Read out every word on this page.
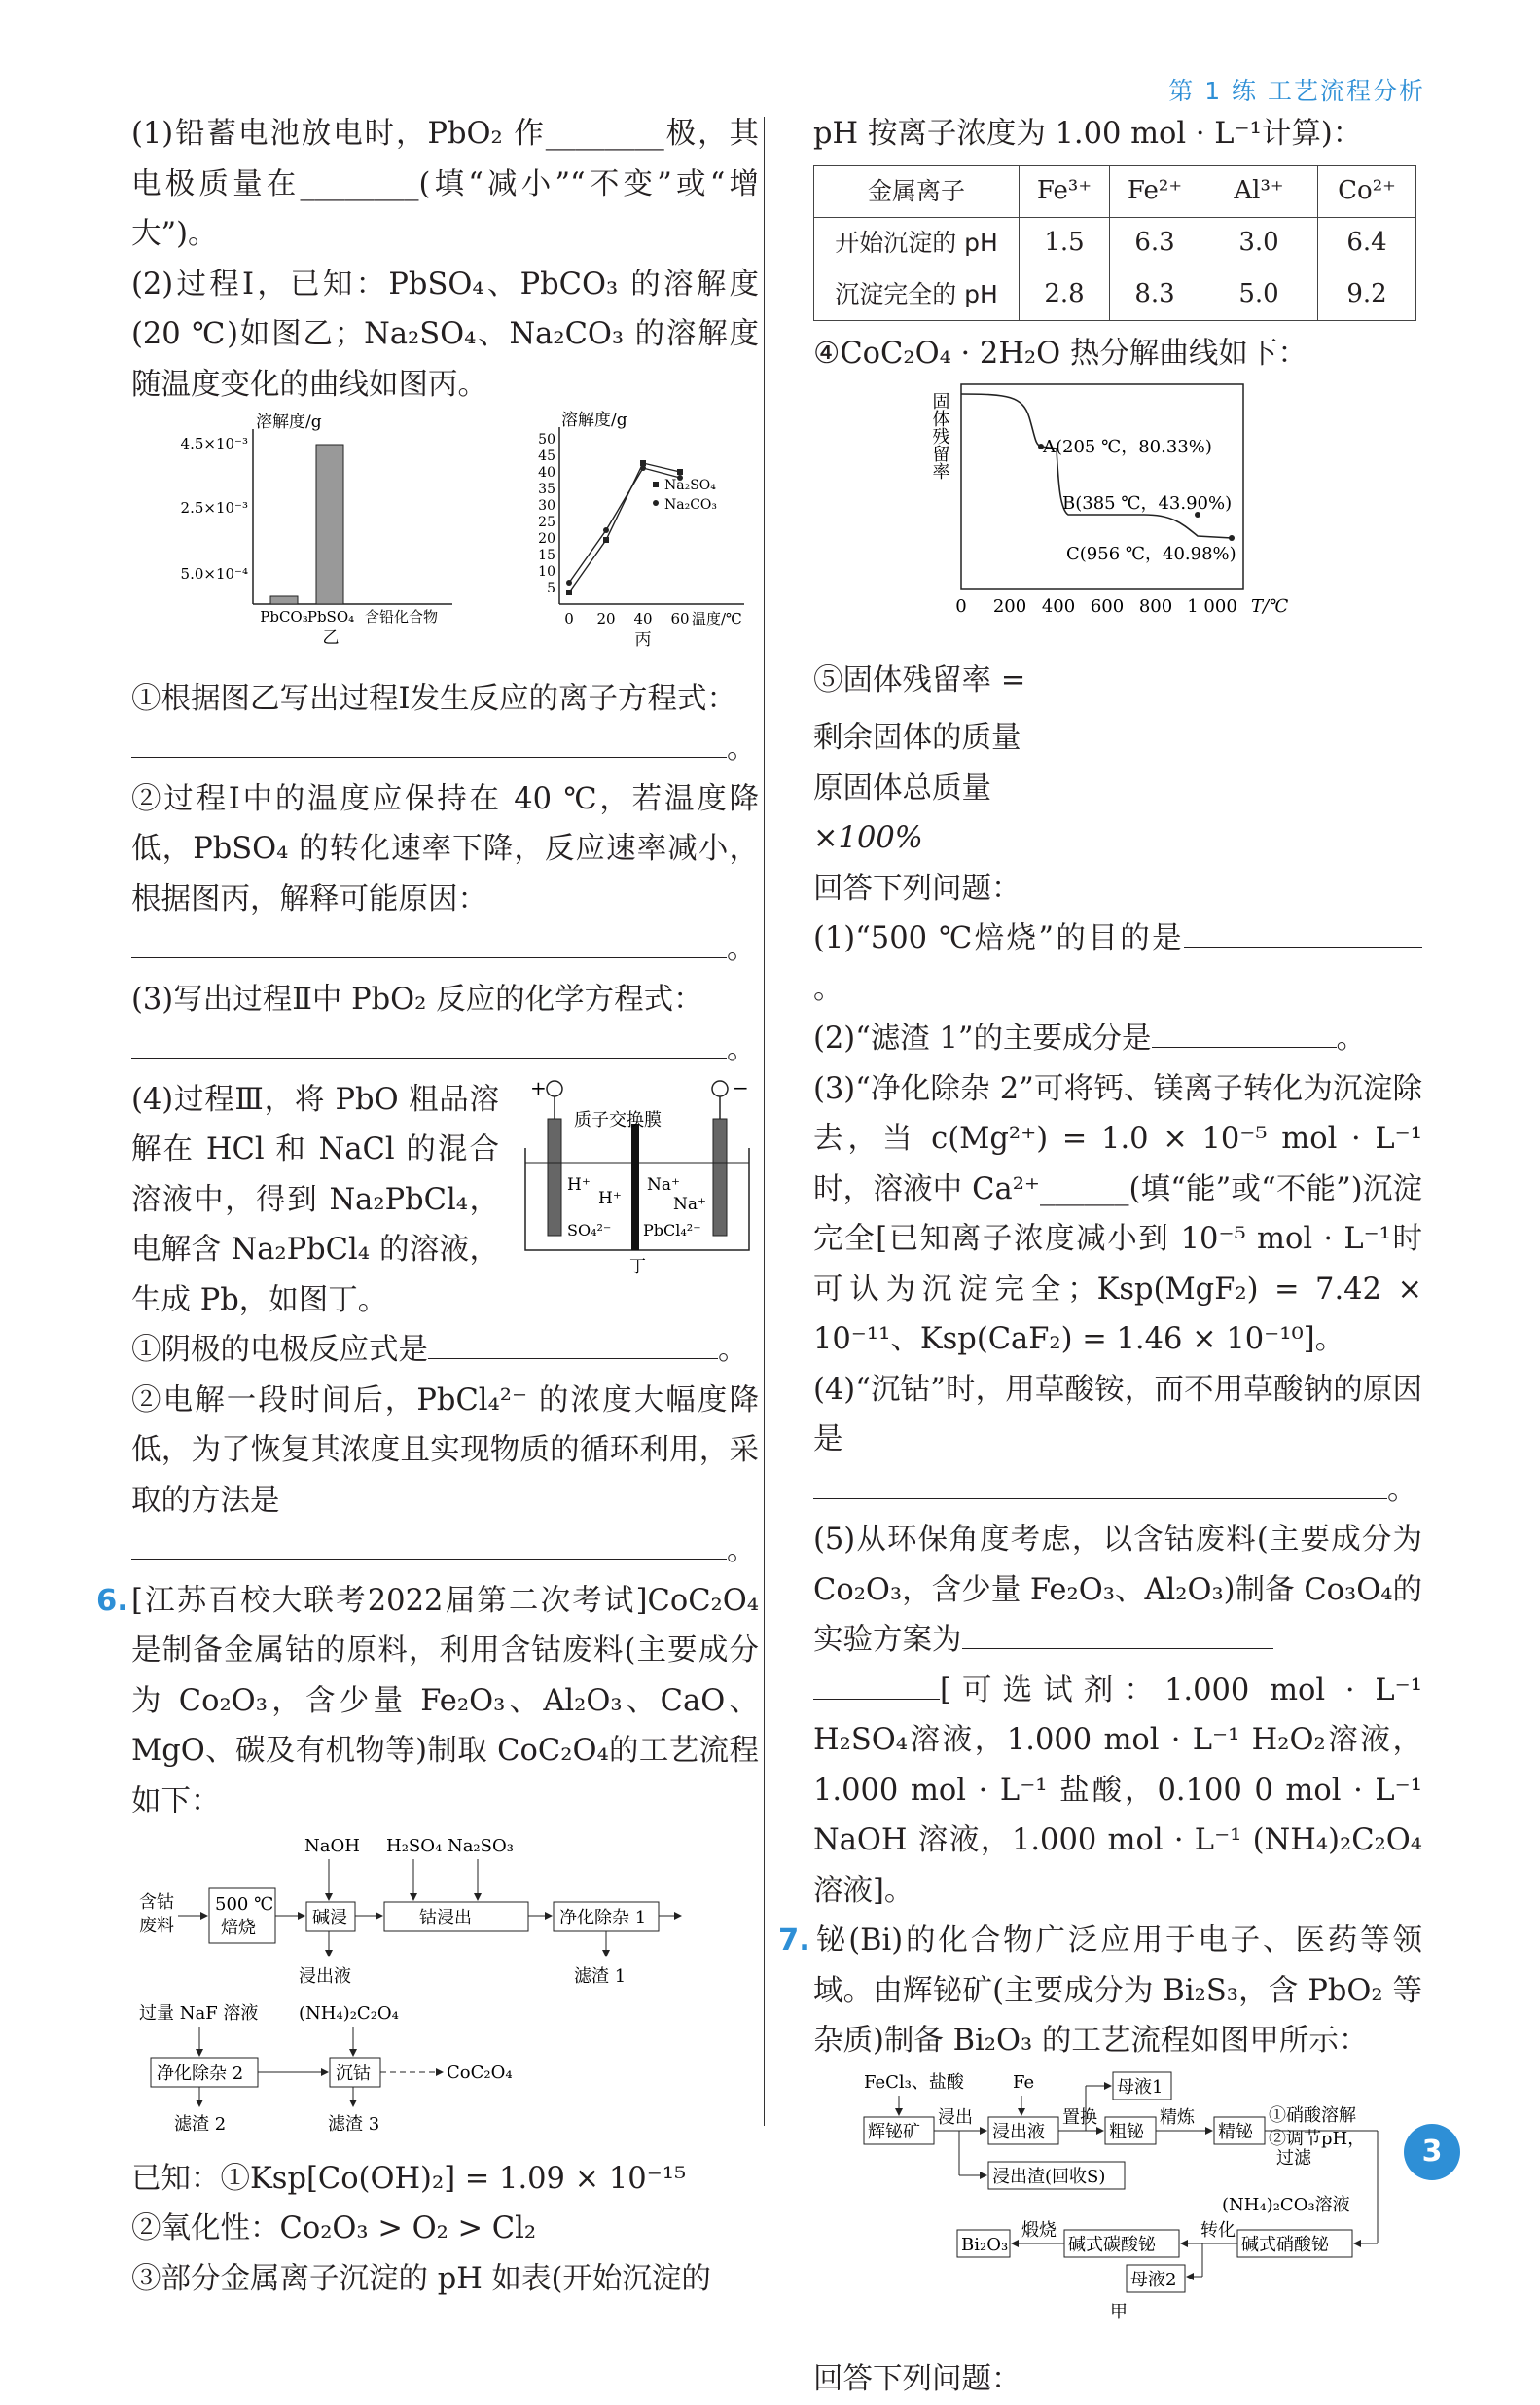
第 1 练 工艺流程分析

(1)铅蓄电池放电时，PbO₂ 作________极，其电极质量在________(填“减小”“不变”或“增大”)。

(2)过程Ⅰ，已知：PbSO₄、PbCO₃ 的溶解度(20 ℃)如图乙；Na₂SO₄、Na₂CO₃ 的溶解度随温度变化的曲线如图丙。

溶解度/g
4.5×10⁻³
2.5×10⁻³
5.0×10⁻⁴
PbCO₃ PbSO₄ 含铅化合物
乙
溶解度/g
50
45
40
35
30
25
20
15
10
5
0 20 40 60 温度/℃
丙
Na₂SO₄
Na₂CO₃

①根据图乙写出过程Ⅰ发生反应的离子方程式：

。

②过程Ⅰ中的温度应保持在 40 ℃，若温度降低，PbSO₄ 的转化速率下降，反应速率减小，根据图丙，解释可能原因：

。

(3)写出过程Ⅱ中 PbO₂ 反应的化学方程式：

。

(4)过程Ⅲ，将 PbO 粗品溶解在 HCl 和 NaCl 的混合溶液中，得到 Na₂PbCl₄，电解含 Na₂PbCl₄ 的溶液，生成 Pb，如图丁。

+	−
质子交换膜
H⁺
H⁺
SO₄²⁻
Na⁺
Na⁺
PbCl₄²⁻
丁

①阴极的电极反应式是	。

②电解一段时间后，PbCl₄²⁻ 的浓度大幅度降低，为了恢复其浓度且实现物质的循环利用，采取的方法是

。

6. [江苏百校大联考2022届第二次考试]CoC₂O₄ 是制备金属钴的原料，利用含钴废料(主要成分为 Co₂O₃，含少量 Fe₂O₃、Al₂O₃、CaO、MgO、碳及有机物等)制取 CoC₂O₄的工艺流程如下：

含钴
废料
500 ℃
焙烧
NaOH
碱浸
浸出液
H₂SO₄ Na₂SO₃
钴浸出	净化除杂 1
滤渣 1
过量 NaF 溶液
净化除杂 2
(NH₄)₂C₂O₄
沉钴	CoC₂O₄
滤渣 2	滤渣 3

已知：①Ksp[Co(OH)₂] = 1.09 × 10⁻¹⁵

②氧化性：Co₂O₃ > O₂ > Cl₂

③部分金属离子沉淀的 pH 如表(开始沉淀的

pH 按离子浓度为 1.00 mol · L⁻¹计算)：

金属离子	Fe³⁺	Fe²⁺	Al³⁺	Co²⁺
开始沉淀的 pH	1.5	6.3	3.0	6.4
沉淀完全的 pH	2.8	8.3	5.0	9.2

④CoC₂O₄ · 2H₂O 热分解曲线如下：

固体残留率	A(205 ℃，80.33%)
B(385 ℃，43.90%)
C(956 ℃，40.98%)
0 200 400 600 800 1 000 T/℃

⑤固体残留率 =

剩余固体的质量
原固体总质量
×100%

回答下列问题：

(1)“500 ℃焙烧”的目的是。

(2)“滤渣 1”的主要成分是	。

(3)“净化除杂 2”可将钙、镁离子转化为沉淀除去，当 c(Mg²⁺) = 1.0 × 10⁻⁵ mol · L⁻¹时，溶液中 Ca²⁺______(填“能”或“不能”)沉淀完全[已知离子浓度减小到 10⁻⁵ mol · L⁻¹时可认为沉淀完全；Ksp(MgF₂) = 7.42 × 10⁻¹¹、Ksp(CaF₂) = 1.46 × 10⁻¹⁰]。

(4)“沉钴”时，用草酸铵，而不用草酸钠的原因是

。

(5)从环保角度考虑，以含钴废料(主要成分为 Co₂O₃，含少量 Fe₂O₃、Al₂O₃)制备 Co₃O₄的实验方案为

[可选试剂：1.000 mol · L⁻¹ H₂SO₄溶液，1.000 mol · L⁻¹ H₂O₂溶液，1.000 mol · L⁻¹ 盐酸，0.100 0 mol · L⁻¹ NaOH 溶液，1.000 mol · L⁻¹ (NH₄)₂C₂O₄溶液]。

7. 铋(Bi)的化合物广泛应用于电子、医药等领域。由辉铋矿(主要成分为 Bi₂S₃，含 PbO₂ 等杂质)制备 Bi₂O₃ 的工艺流程如图甲所示：

FeCl₃、盐酸	Fe
辉铋矿
浸出
浸出液
置换
粗铋
母液1
精炼
精铋
①硝酸溶解
②调节pH，
过滤
浸出渣(回收S)
(NH₄)₂CO₃溶液
碱式硝酸铋
转化
碱式碳酸铋
煅烧
Bi₂O₃
母液2
甲

回答下列问题：

3
